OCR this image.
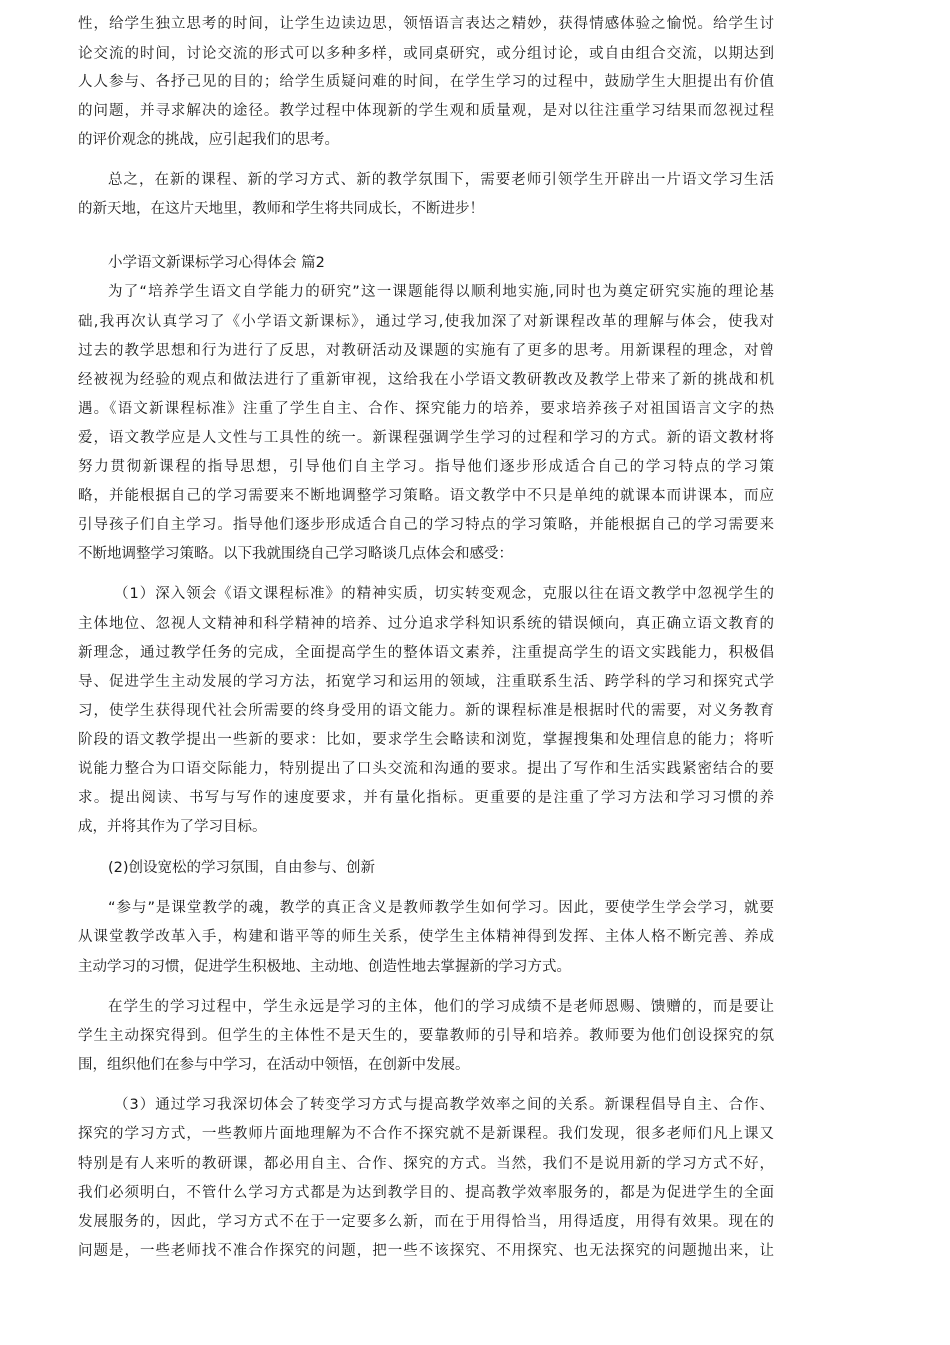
性，给学生独立思考的时间，让学生边读边思，领悟语言表达之精妙，获得情感体验之愉悦。给学生讨
论交流的时间，讨论交流的形式可以多种多样，或同桌研究，或分组讨论，或自由组合交流，以期达到
人人参与、各抒己见的目的；给学生质疑问难的时间，在学生学习的过程中，鼓励学生大胆提出有价值
的问题，并寻求解决的途径。教学过程中体现新的学生观和质量观，是对以往注重学习结果而忽视过程
的评价观念的挑战，应引起我们的思考。
总之，在新的课程、新的学习方式、新的教学氛围下，需要老师引领学生开辟出一片语文学习生活
的新天地，在这片天地里，教师和学生将共同成长，不断进步！
小学语文新课标学习心得体会 篇2
为了“培养学生语文自学能力的研究”这一课题能得以顺利地实施,同时也为奠定研究实施的理论基
础,我再次认真学习了《小学语文新课标》，通过学习,使我加深了对新课程改革的理解与体会，使我对
过去的教学思想和行为进行了反思，对教研活动及课题的实施有了更多的思考。用新课程的理念，对曾
经被视为经验的观点和做法进行了重新审视，这给我在小学语文教研教改及教学上带来了新的挑战和机
遇。《语文新课程标准》注重了学生自主、合作、探究能力的培养，要求培养孩子对祖国语言文字的热
爱，语文教学应是人文性与工具性的统一。新课程强调学生学习的过程和学习的方式。新的语文教材将
努力贯彻新课程的指导思想，引导他们自主学习。指导他们逐步形成适合自己的学习特点的学习策
略，并能根据自己的学习需要来不断地调整学习策略。语文教学中不只是单纯的就课本而讲课本，而应
引导孩子们自主学习。指导他们逐步形成适合自己的学习特点的学习策略，并能根据自己的学习需要来
不断地调整学习策略。以下我就围绕自己学习略谈几点体会和感受：
（1）深入领会《语文课程标准》的精神实质，切实转变观念，克服以往在语文教学中忽视学生的
主体地位、忽视人文精神和科学精神的培养、过分追求学科知识系统的错误倾向，真正确立语文教育的
新理念，通过教学任务的完成，全面提高学生的整体语文素养，注重提高学生的语文实践能力，积极倡
导、促进学生主动发展的学习方法，拓宽学习和运用的领域，注重联系生活、跨学科的学习和探究式学
习，使学生获得现代社会所需要的终身受用的语文能力。新的课程标准是根据时代的需要，对义务教育
阶段的语文教学提出一些新的要求：比如，要求学生会略读和浏览，掌握搜集和处理信息的能力；将听
说能力整合为口语交际能力，特别提出了口头交流和沟通的要求。提出了写作和生活实践紧密结合的要
求。提出阅读、书写与写作的速度要求，并有量化指标。更重要的是注重了学习方法和学习习惯的养
成，并将其作为了学习目标。
(2)创设宽松的学习氛围，自由参与、创新
“参与”是课堂教学的魂，教学的真正含义是教师教学生如何学习。因此，要使学生学会学习，就要
从课堂教学改革入手，构建和谐平等的师生关系，使学生主体精神得到发挥、主体人格不断完善、养成
主动学习的习惯，促进学生积极地、主动地、创造性地去掌握新的学习方式。
在学生的学习过程中，学生永远是学习的主体，他们的学习成绩不是老师恩赐、馈赠的，而是要让
学生主动探究得到。但学生的主体性不是天生的，要靠教师的引导和培养。教师要为他们创设探究的氛
围，组织他们在参与中学习，在活动中领悟，在创新中发展。
（3）通过学习我深切体会了转变学习方式与提高教学效率之间的关系。新课程倡导自主、合作、
探究的学习方式，一些教师片面地理解为不合作不探究就不是新课程。我们发现，很多老师们凡上课又
特别是有人来听的教研课，都必用自主、合作、探究的方式。当然，我们不是说用新的学习方式不好，
我们必须明白，不管什么学习方式都是为达到教学目的、提高教学效率服务的，都是为促进学生的全面
发展服务的，因此，学习方式不在于一定要多么新，而在于用得恰当，用得适度，用得有效果。现在的
问题是，一些老师找不准合作探究的问题，把一些不该探究、不用探究、也无法探究的问题抛出来，让
